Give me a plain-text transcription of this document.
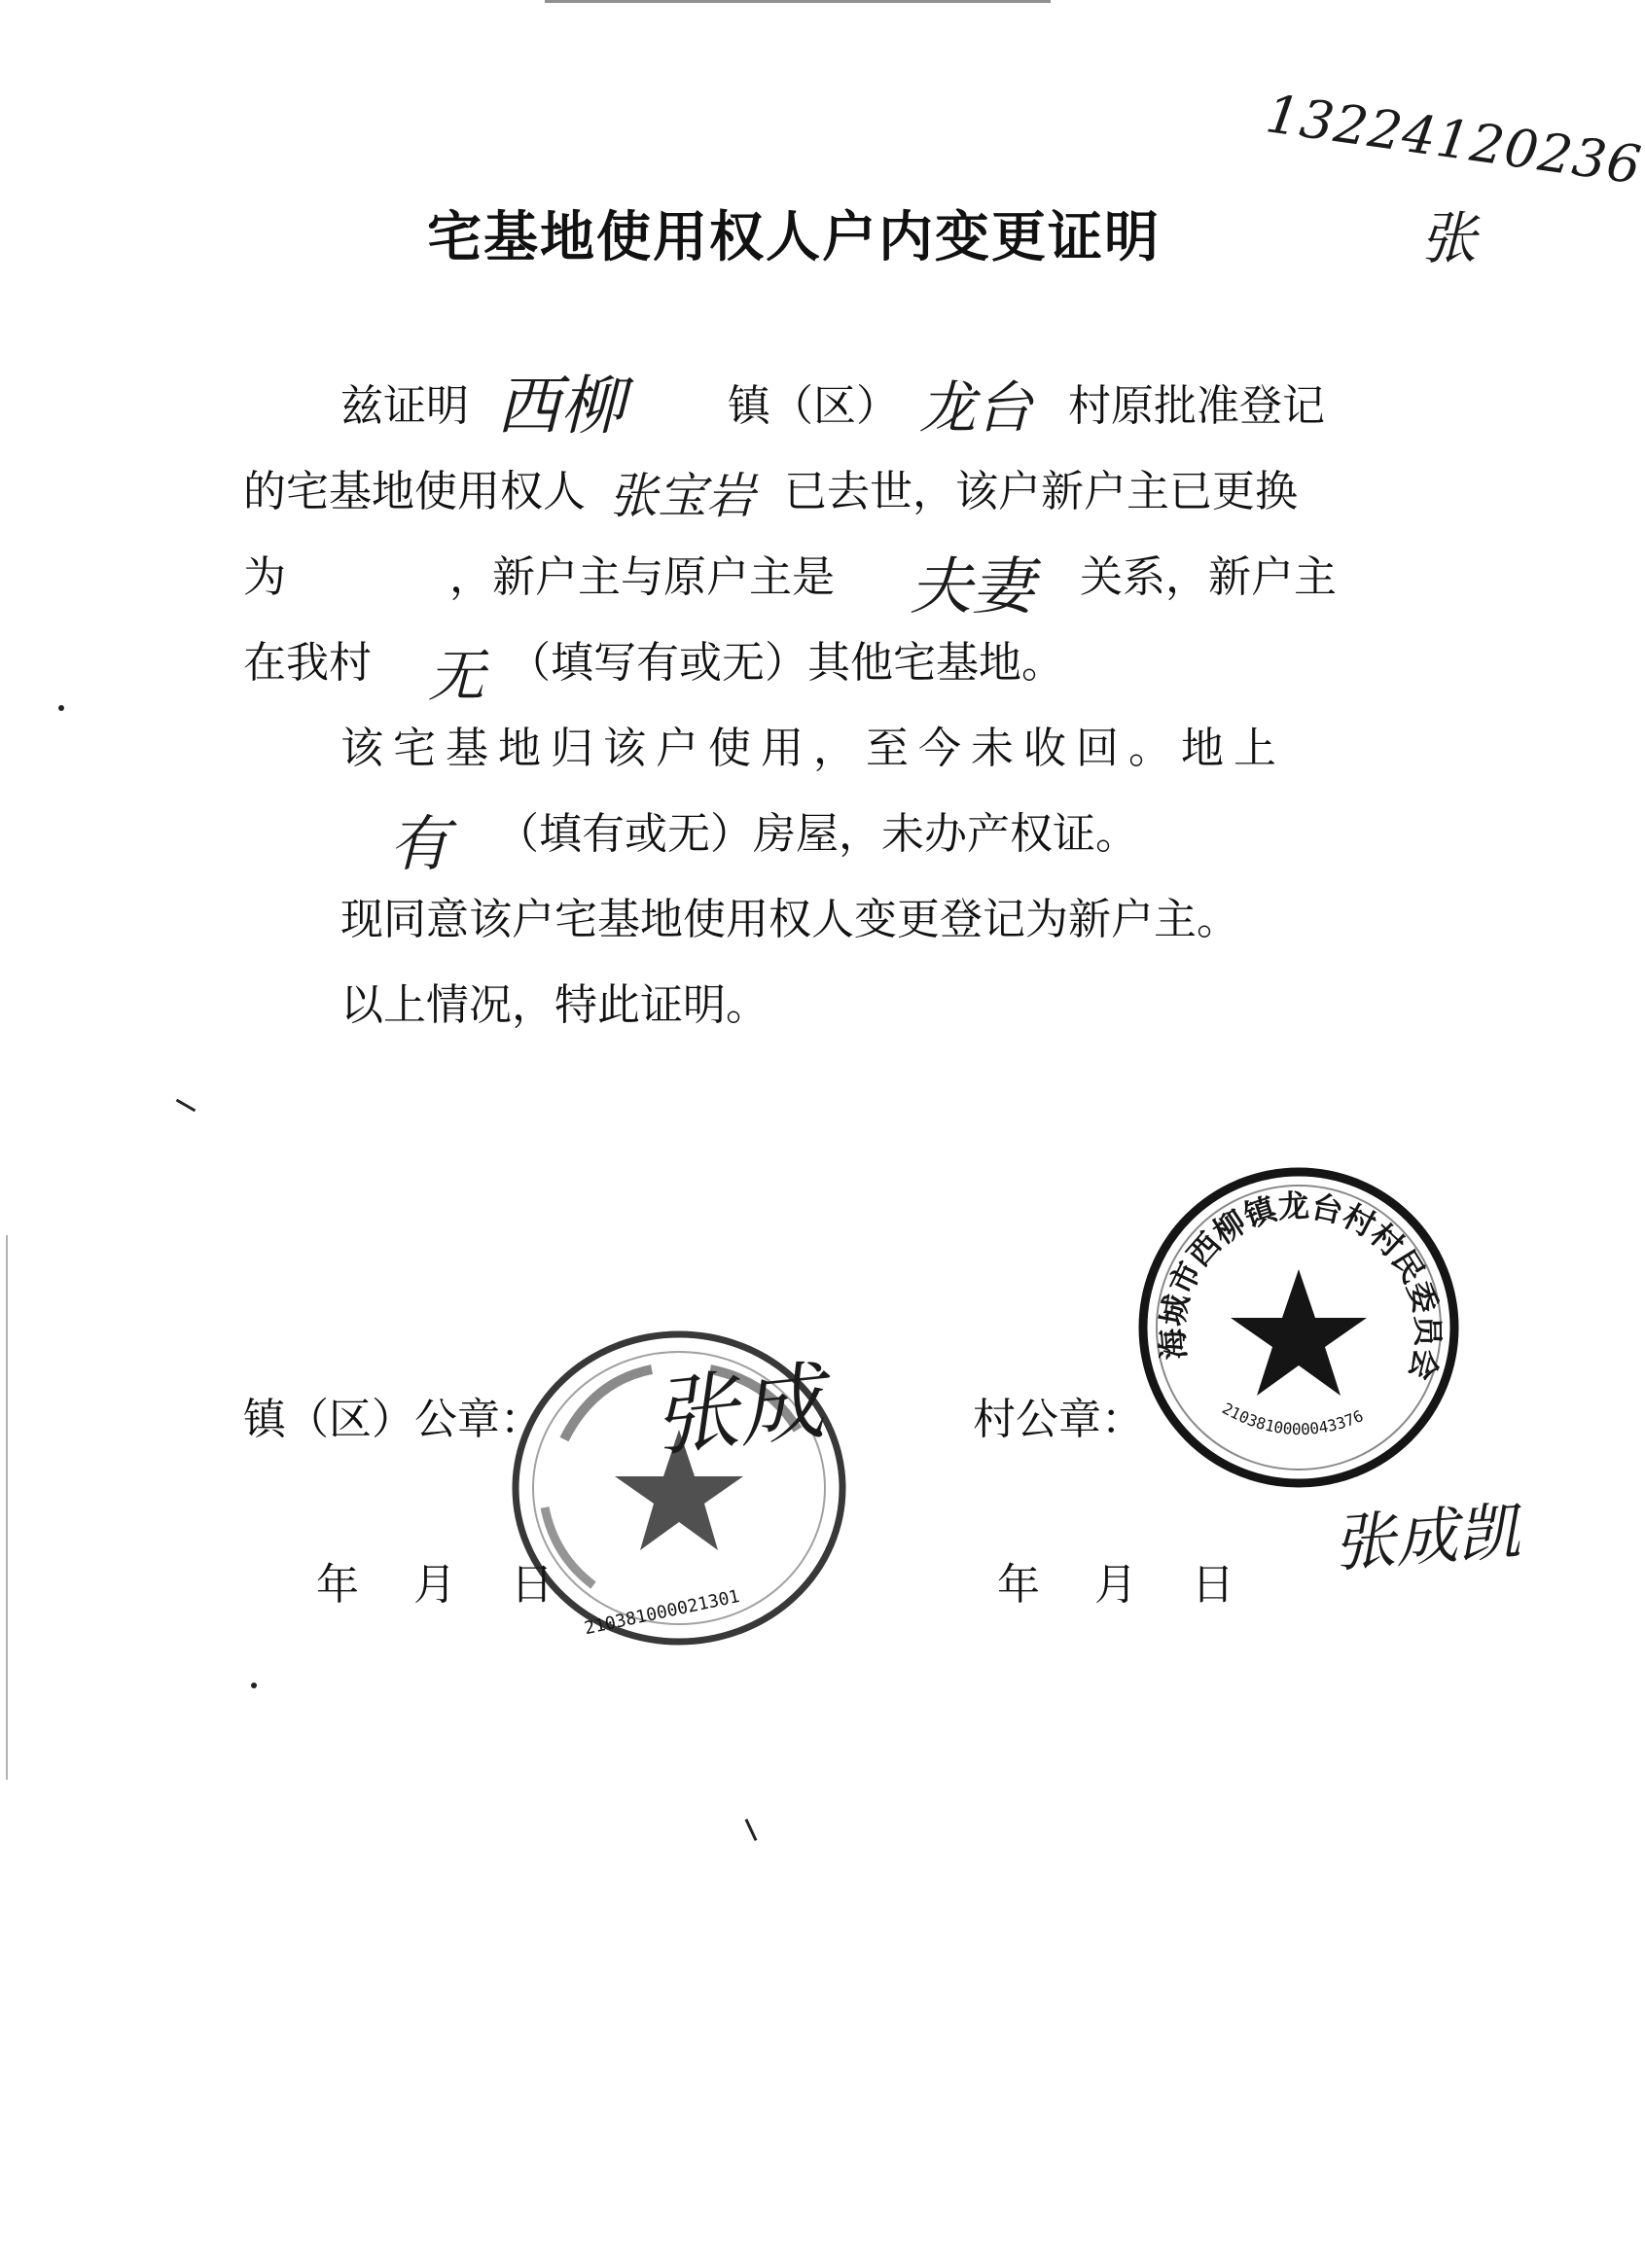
13224120236
张
宅基地使用权人户内变更证明
兹证明 西柳 镇（区） 龙台 村原批准登记
的宅基地使用权人 张宝岩 已去世，该户新户主已更换
为	，新户主与原户主是 夫妻 关系，新户主
在我村 无 （填写有或无）其他宅基地。
该宅基地归该户使用，至今未收回。地上
有 （填有或无）房屋，未办产权证。
现同意该户宅基地使用权人变更登记为新户主。
以上情况，特此证明。
镇（区）公章：	村公章：
年    月    日	年    月    日
210381000021301
张成
海城市西柳镇龙台村村民委员会
2103810000043376
张成凯
